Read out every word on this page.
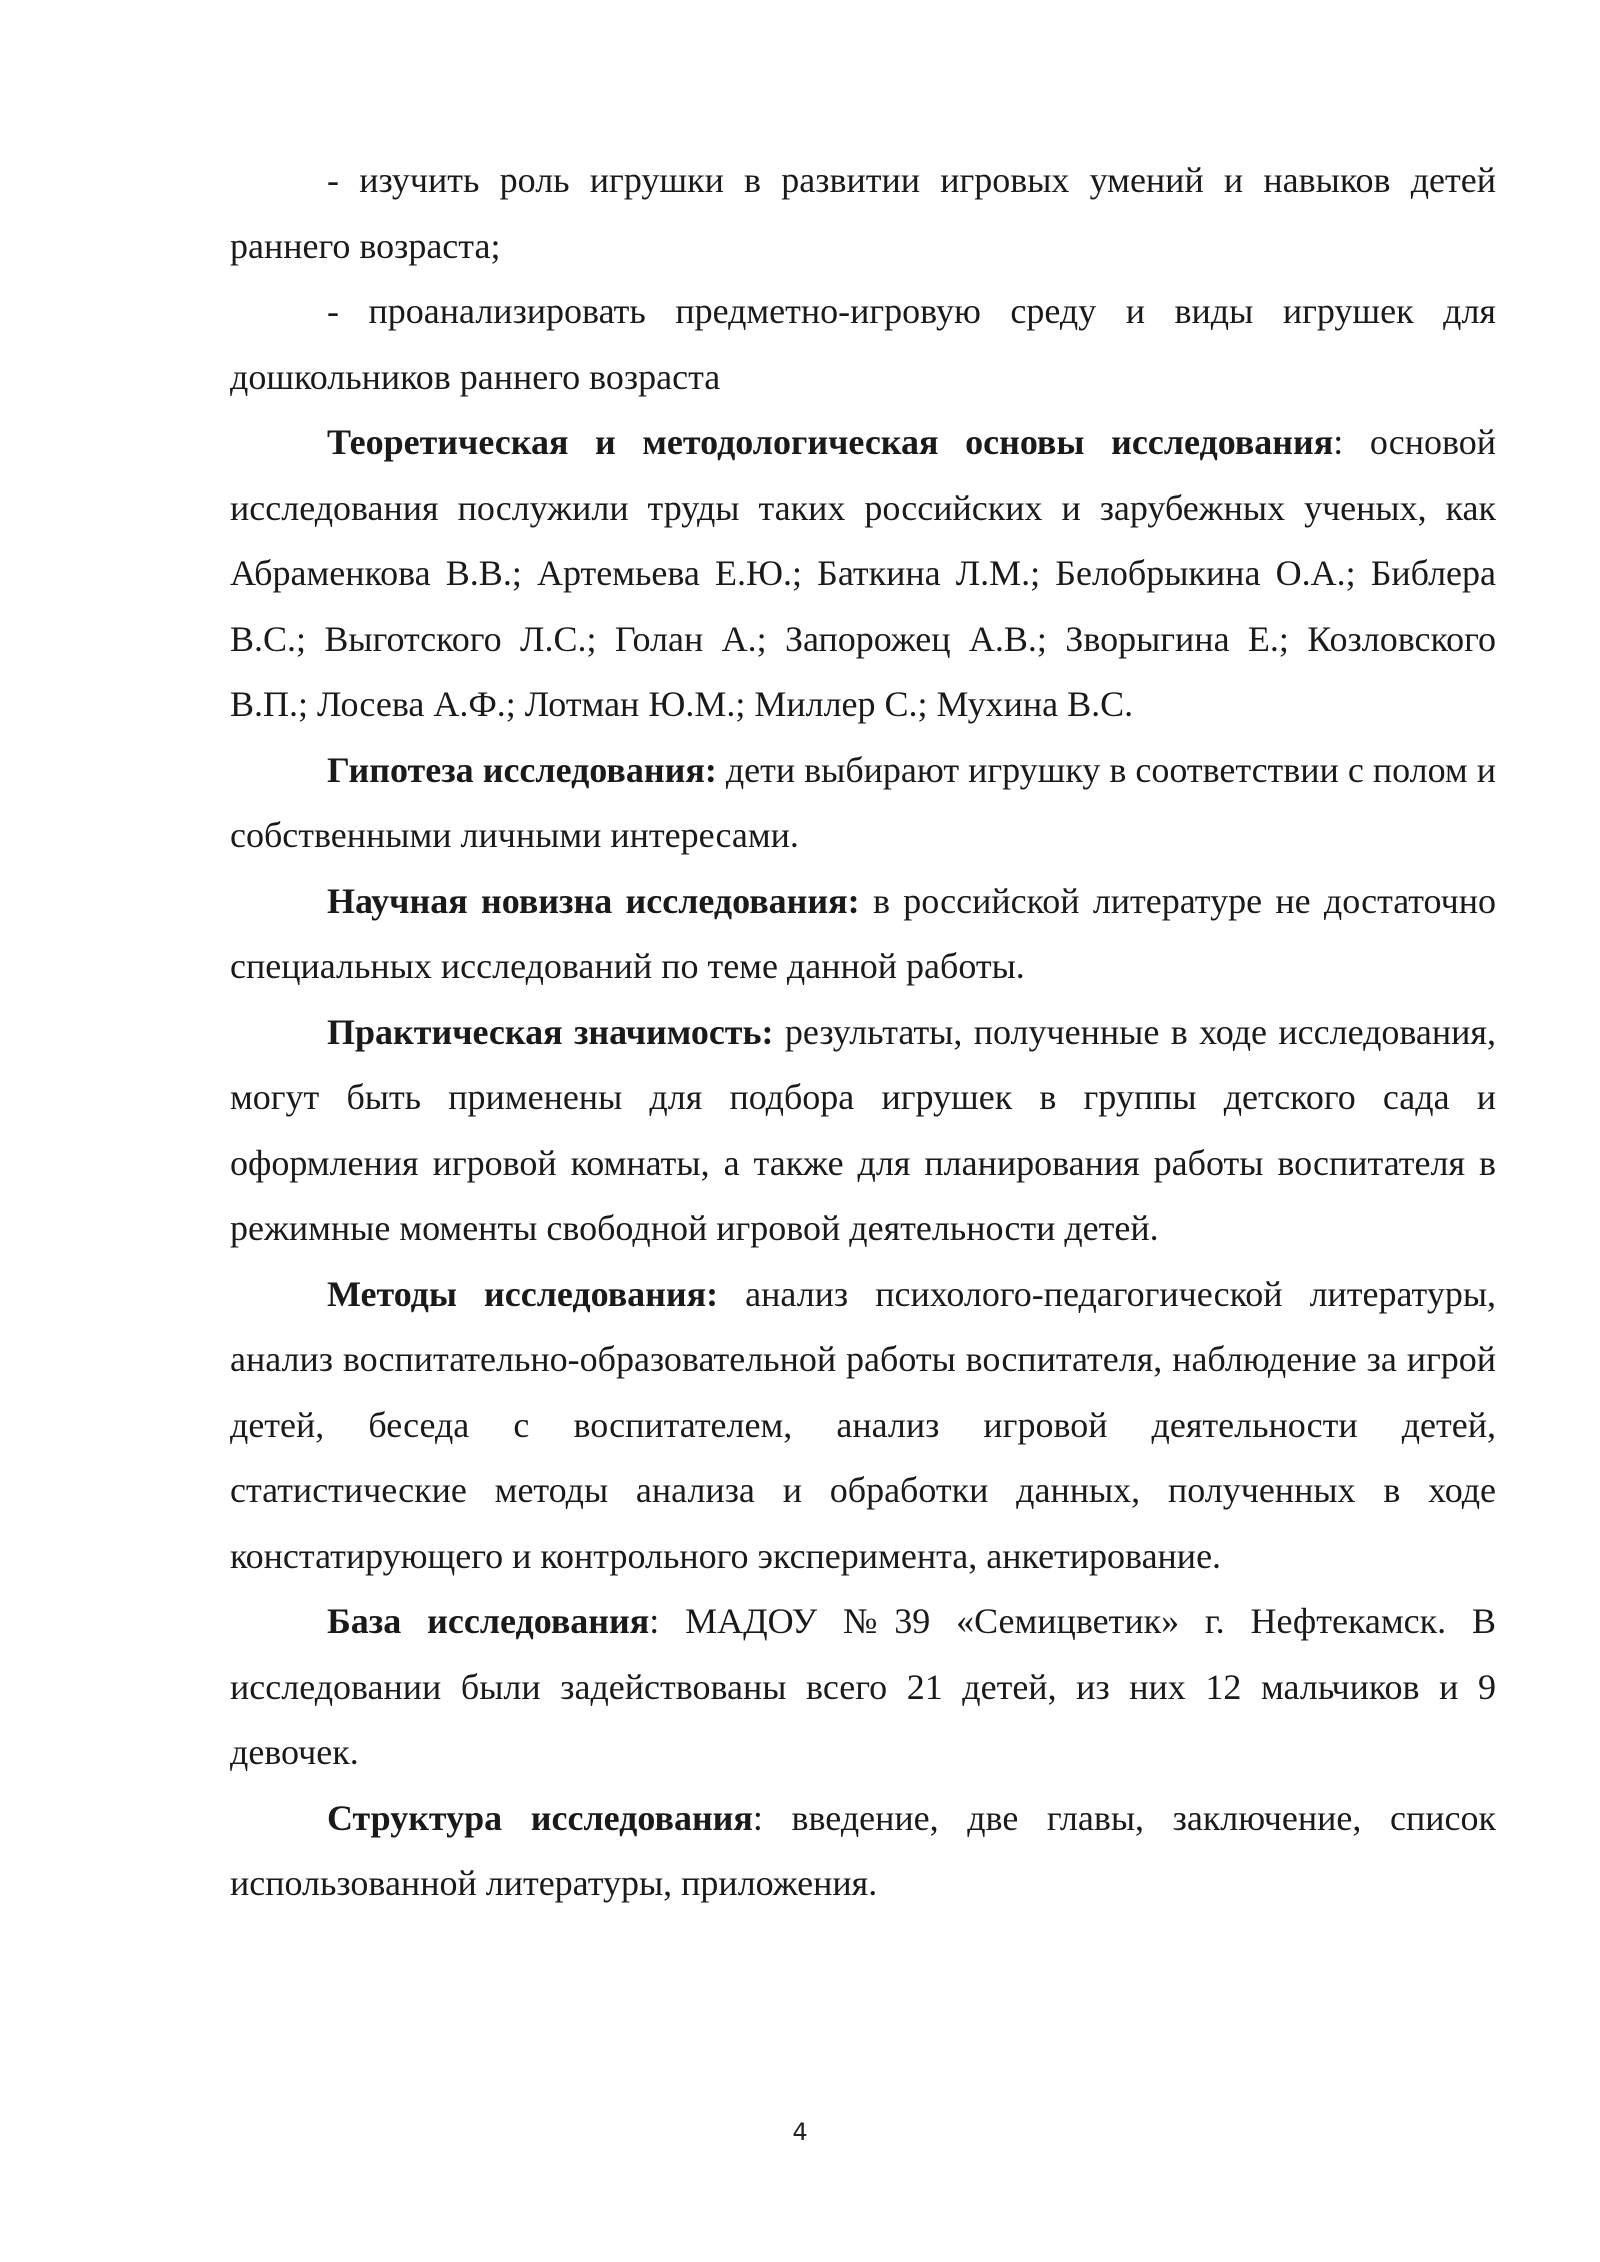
- изучить роль игрушки в развитии игровых умений и навыков детей раннего возраста;

- проанализировать предметно-игровую среду и виды игрушек для дошкольников раннего возраста

Теоретическая и методологическая основы исследования: основой исследования послужили труды таких российских и зарубежных ученых, как Абраменкова В.В.; Артемьева Е.Ю.; Баткина Л.М.; Белобрыкина О.А.; Библера В.С.; Выготского Л.С.; Голан А.; Запорожец А.В.; Зворыгина Е.; Козловского В.П.; Лосева А.Ф.; Лотман Ю.М.; Миллер С.; Мухина В.С.

Гипотеза исследования: дети выбирают игрушку в соответствии с полом и собственными личными интересами.

Научная новизна исследования: в российской литературе не достаточно специальных исследований по теме данной работы.

Практическая значимость: результаты, полученные в ходе исследования, могут быть применены для подбора игрушек в группы детского сада и оформления игровой комнаты, а также для планирования работы воспитателя в режимные моменты свободной игровой деятельности детей.

Методы исследования: анализ психолого-педагогической литературы, анализ воспитательно-образовательной работы воспитателя, наблюдение за игрой детей, беседа с воспитателем, анализ игровой деятельности детей, статистические методы анализа и обработки данных, полученных в ходе констатирующего и контрольного эксперимента, анкетирование.

База исследования: МАДОУ №39 «Семицветик» г. Нефтекамск. В исследовании были задействованы всего 21 детей, из них 12 мальчиков и 9 девочек.

Структура исследования: введение, две главы, заключение, список использованной литературы, приложения.

4
